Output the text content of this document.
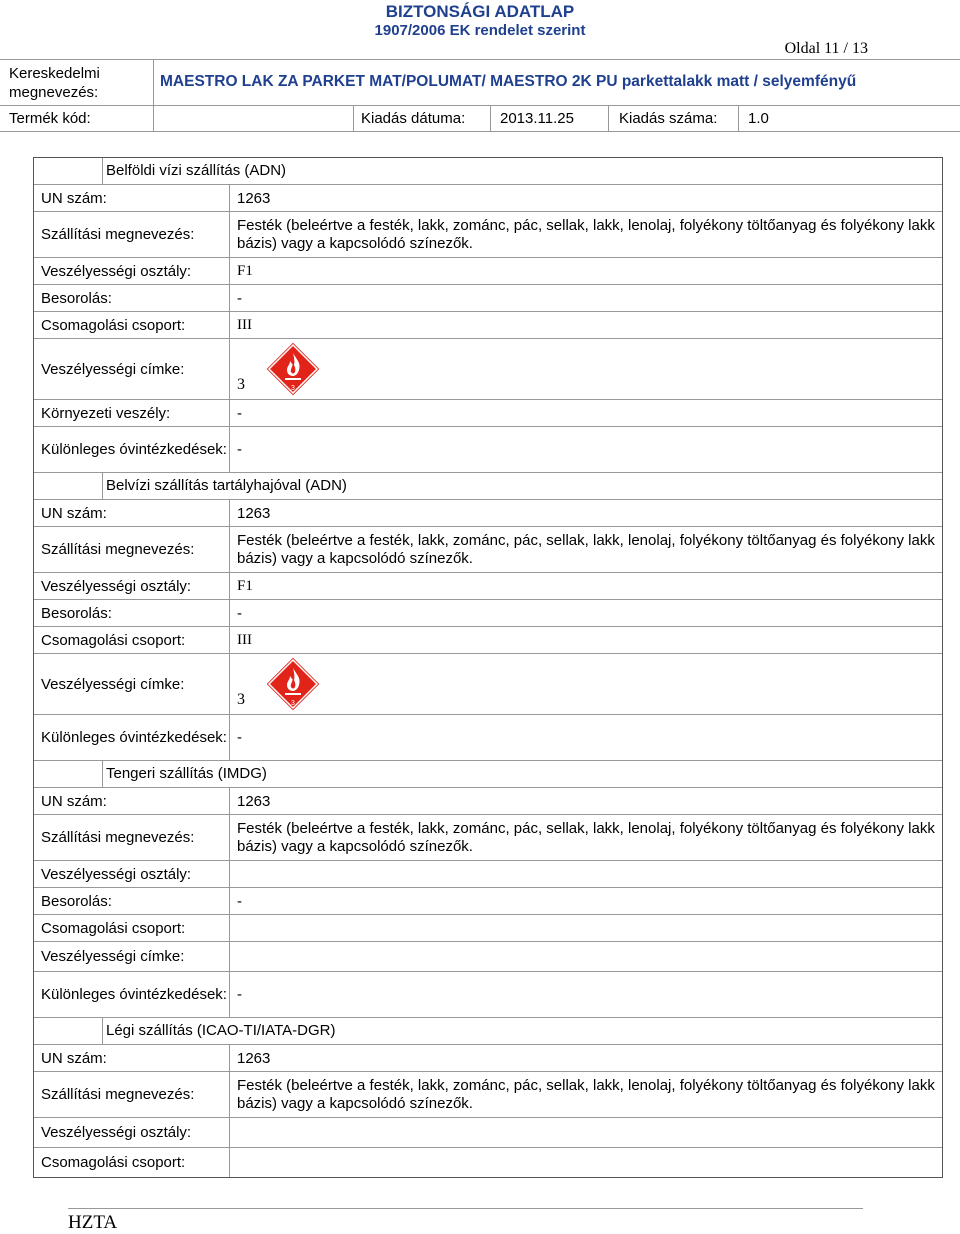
BIZTONSÁGI ADATLAP
1907/2006 EK rendelet szerint
Oldal 11 / 13
Kereskedelmi megnevezés:
MAESTRO LAK ZA PARKET MAT/POLUMAT/ MAESTRO 2K PU parkettalakk matt / selyemfényű
Termék kód:	Kiadás dátuma: 2013.11.25	Kiadás száma: 1.0
Belföldi vízi szállítás (ADN)
UN szám:	1263
Szállítási megnevezés:
Festék (beleértve a festék, lakk, zománc, pác, sellak, lakk, lenolaj, folyékony töltőanyag és folyékony lakk bázis) vagy a kapcsolódó színezők.
Veszélyességi osztály:	F1
Besorolás:	-
Csomagolási csoport:	III
Veszélyességi címke:
3	3
Környezeti veszély:	-
Különleges óvintézkedések: -
Belvízi szállítás tartályhajóval (ADN)
UN szám:	1263
Szállítási megnevezés:
Festék (beleértve a festék, lakk, zománc, pác, sellak, lakk, lenolaj, folyékony töltőanyag és folyékony lakk bázis) vagy a kapcsolódó színezők.
Veszélyességi osztály:	F1
Besorolás:	-
Csomagolási csoport:	III
Veszélyességi címke:
3	3
Különleges óvintézkedések: -
Tengeri szállítás (IMDG)
UN szám:	1263
Szállítási megnevezés:
Festék (beleértve a festék, lakk, zománc, pác, sellak, lakk, lenolaj, folyékony töltőanyag és folyékony lakk bázis) vagy a kapcsolódó színezők.
Veszélyességi osztály:
Besorolás:	-
Csomagolási csoport:
Veszélyességi címke:
Különleges óvintézkedések: -
Légi szállítás (ICAO-TI/IATA-DGR)
UN szám:	1263
Szállítási megnevezés:
Festék (beleértve a festék, lakk, zománc, pác, sellak, lakk, lenolaj, folyékony töltőanyag és folyékony lakk bázis) vagy a kapcsolódó színezők.
Veszélyességi osztály:
Csomagolási csoport:
HZTA
